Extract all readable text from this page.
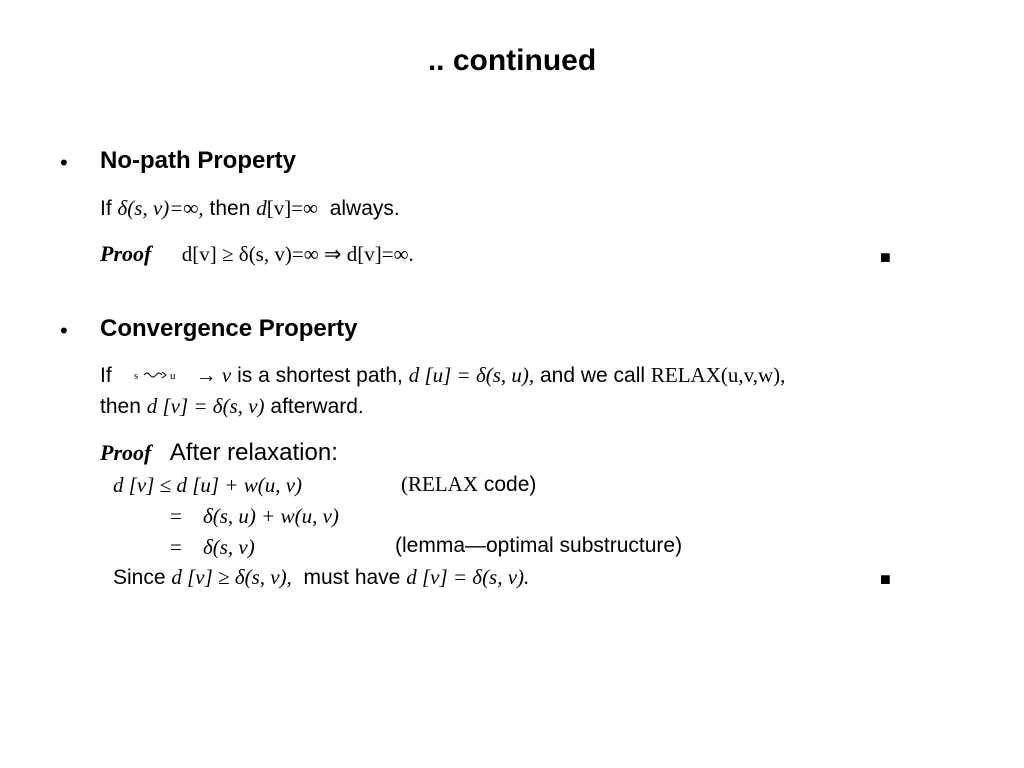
.. continued
• No-path Property
If δ(s, v)=∞, then d[v]=∞ always.
Proof d[v] ≥ δ(s, v)=∞ ⇒ d[v]=∞.	■
• Convergence Property
If s	u → v is a shortest path, d [u] = δ(s, u), and we call RELAX(u,v,w),
then d [v] = δ(s, v) afterward.
Proof After relaxation:
d [v] ≤ d [u] + w(u, v)	(RELAX code)
= δ(s, u) + w(u, v)
= δ(s, v)	(lemma—optimal substructure)
Since d [v] ≥ δ(s, v), must have d [v] = δ(s, v).	■
